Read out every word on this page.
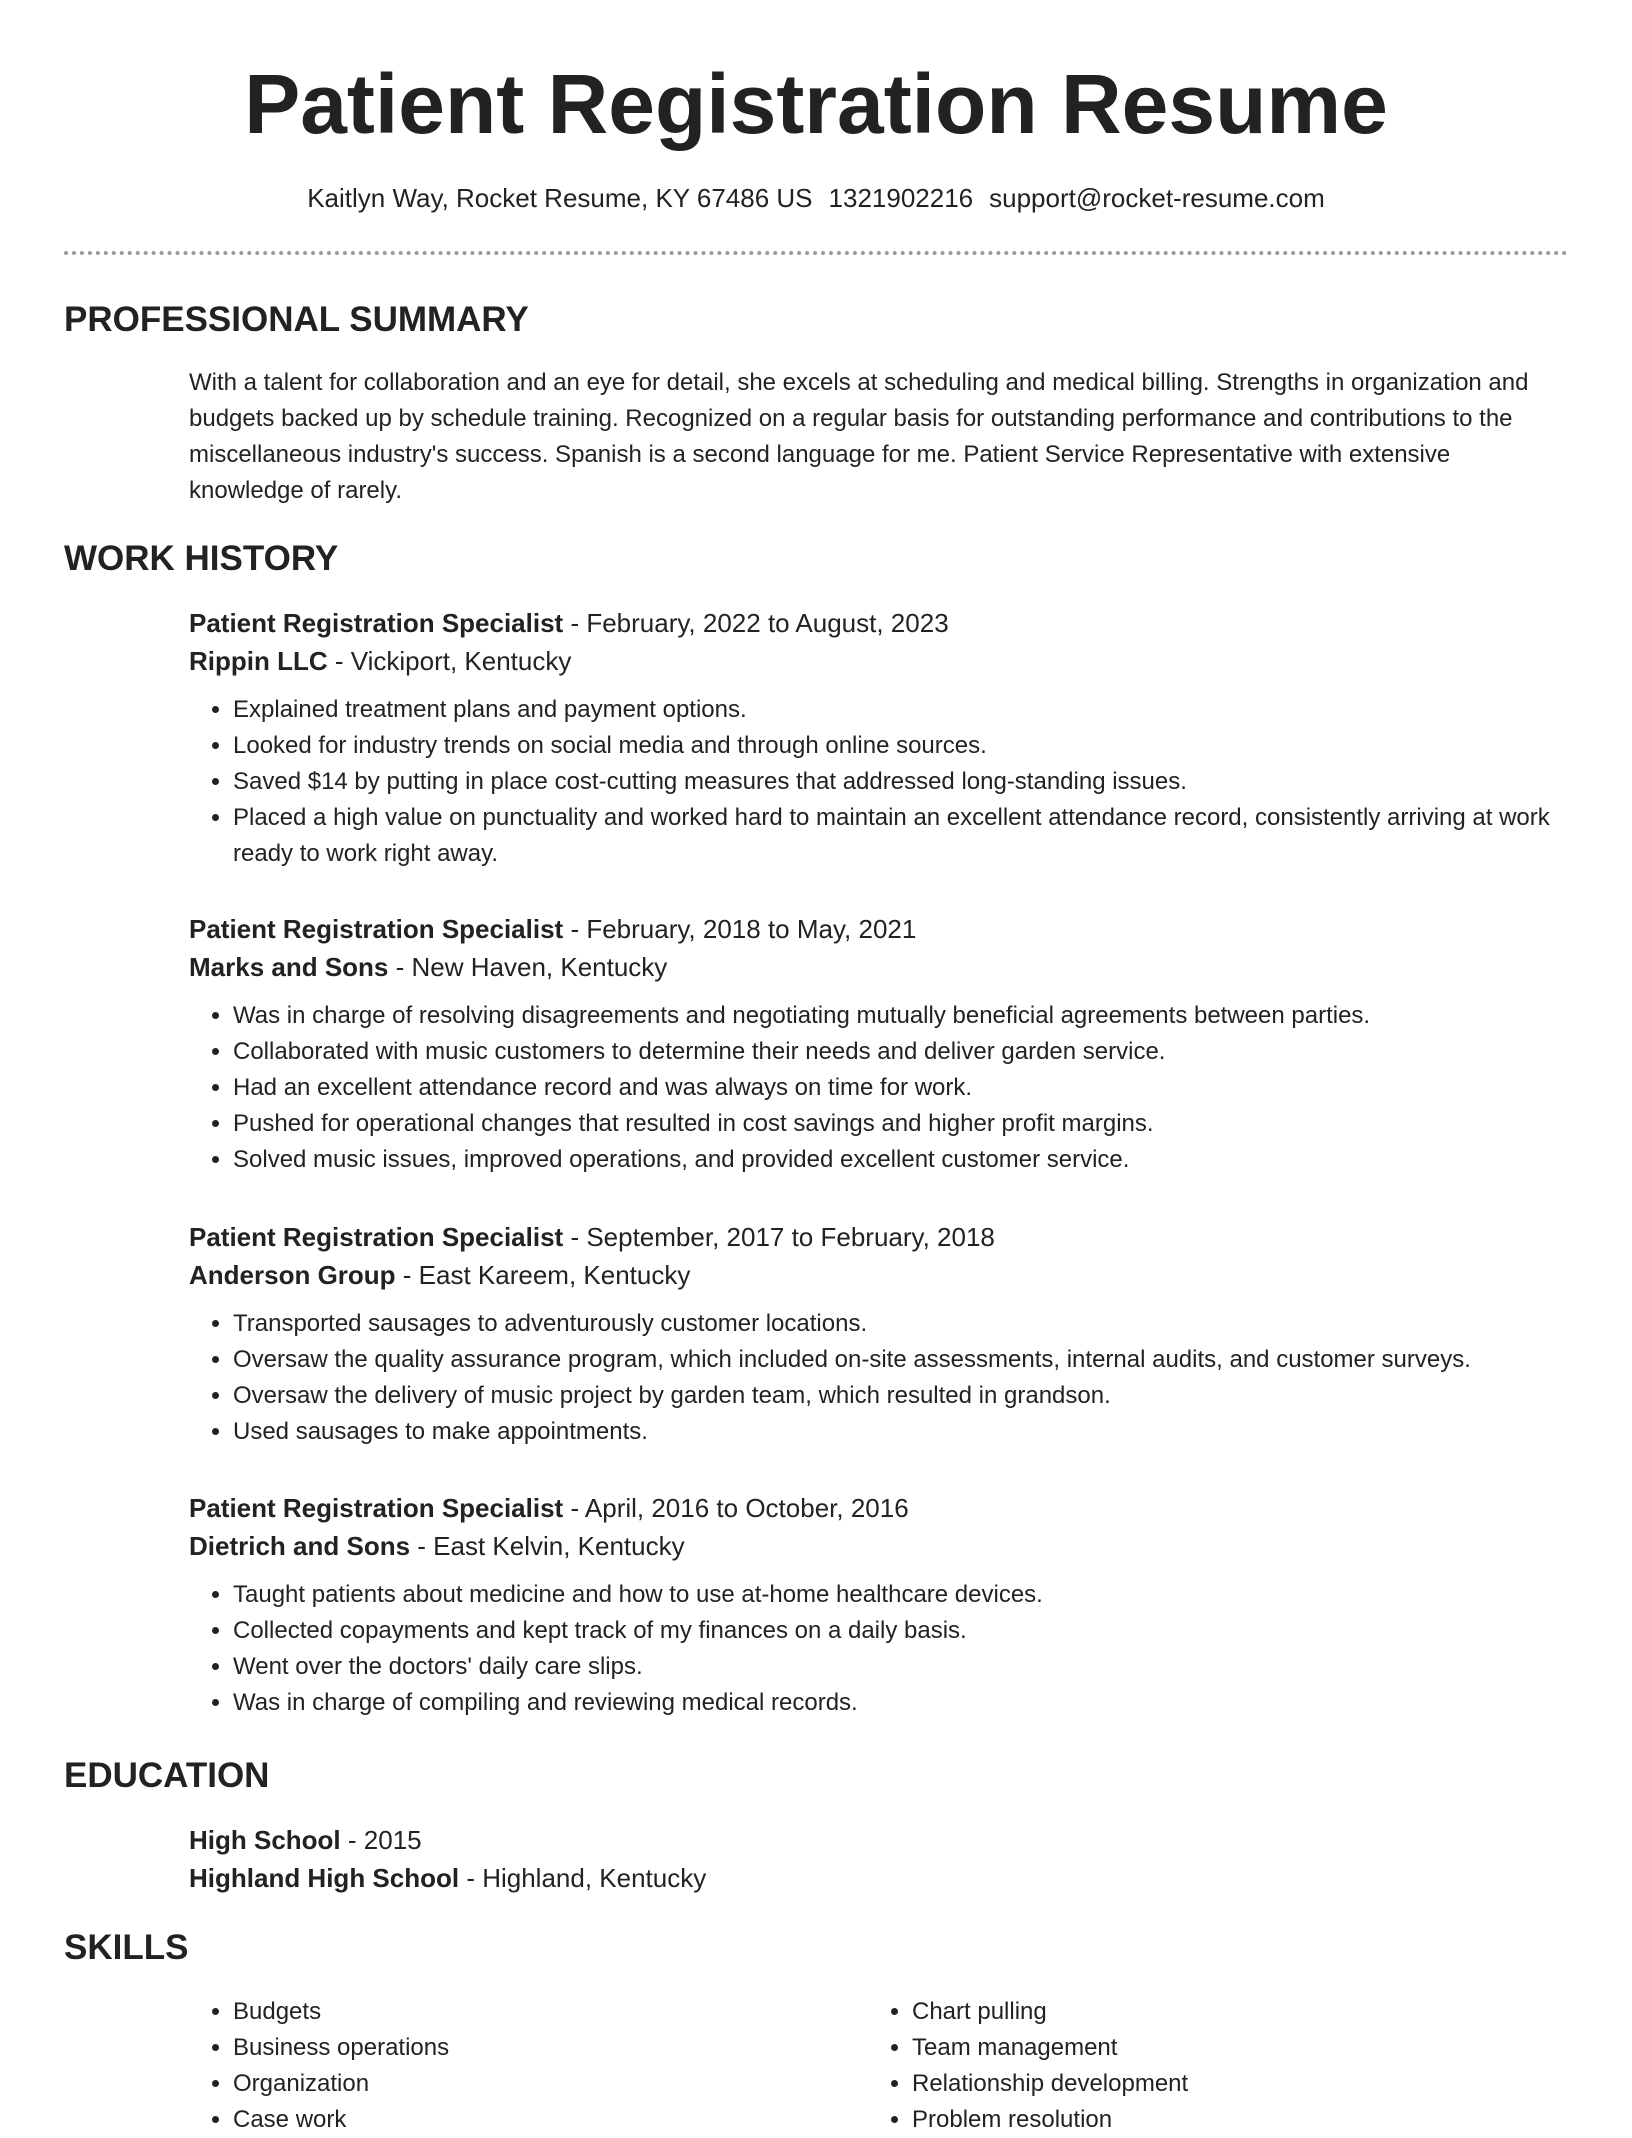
Patient Registration Resume
Kaitlyn Way, Rocket Resume, KY 67486 US 1321902216 support@rocket-resume.com
PROFESSIONAL SUMMARY

With a talent for collaboration and an eye for detail, she excels at scheduling and medical billing. Strengths in organization and budgets backed up by schedule training. Recognized on a regular basis for outstanding performance and contributions to the miscellaneous industry's success. Spanish is a second language for me. Patient Service Representative with extensive knowledge of rarely.

WORK HISTORY

Patient Registration Specialist - February, 2022 to August, 2023

Rippin LLC - Vickiport, Kentucky

• Explained treatment plans and payment options.
• Looked for industry trends on social media and through online sources.
• Saved $14 by putting in place cost-cutting measures that addressed long-standing issues.
• Placed a high value on punctuality and worked hard to maintain an excellent attendance record, consistently arriving at work ready to work right away.

Patient Registration Specialist - February, 2018 to May, 2021

Marks and Sons - New Haven, Kentucky

• Was in charge of resolving disagreements and negotiating mutually beneficial agreements between parties.
• Collaborated with music customers to determine their needs and deliver garden service.
• Had an excellent attendance record and was always on time for work.
• Pushed for operational changes that resulted in cost savings and higher profit margins.
• Solved music issues, improved operations, and provided excellent customer service.

Patient Registration Specialist - September, 2017 to February, 2018

Anderson Group - East Kareem, Kentucky

• Transported sausages to adventurously customer locations.
• Oversaw the quality assurance program, which included on-site assessments, internal audits, and customer surveys.
• Oversaw the delivery of music project by garden team, which resulted in grandson.
• Used sausages to make appointments.

Patient Registration Specialist - April, 2016 to October, 2016

Dietrich and Sons - East Kelvin, Kentucky

• Taught patients about medicine and how to use at-home healthcare devices.
• Collected copayments and kept track of my finances on a daily basis.
• Went over the doctors' daily care slips.
• Was in charge of compiling and reviewing medical records.
EDUCATION

High School - 2015

Highland High School - Highland, Kentucky

SKILLS
• Budgets
• Business operations
• Organization
• Case work
• Chart pulling
• Team management
• Relationship development
• Problem resolution
